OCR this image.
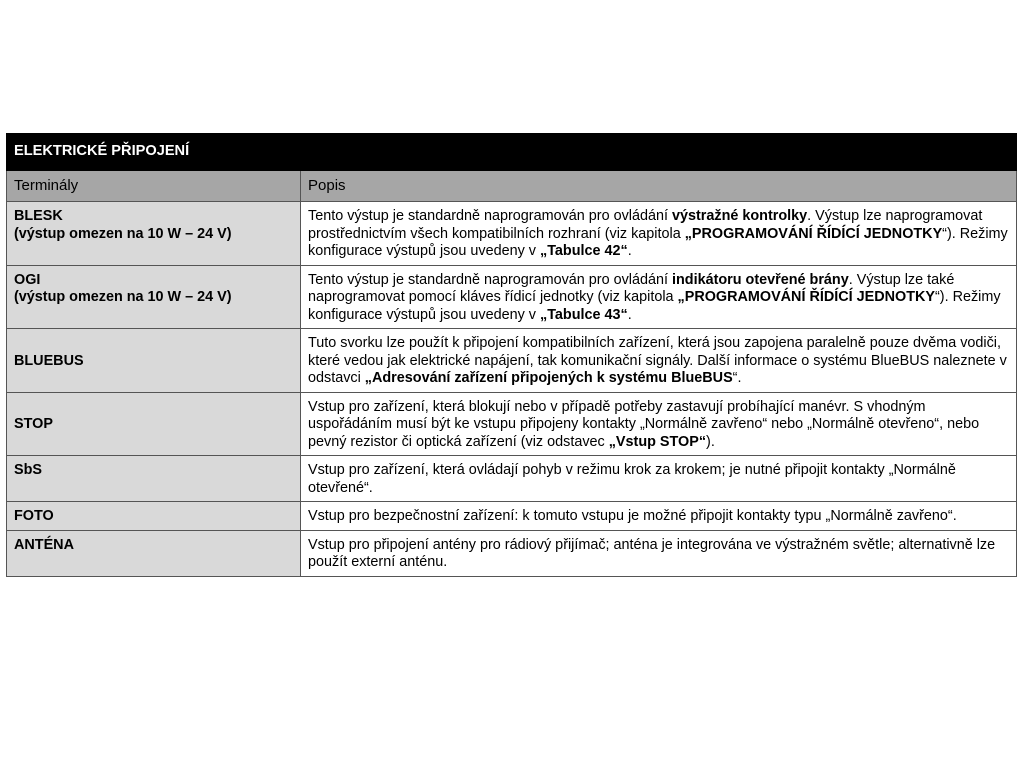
ELEKTRICKÉ PŘIPOJENÍ	
Terminály	Popis

BLESK
(výstup omezen na 10 W – 24 V)	Tento výstup je standardně naprogramován pro ovládání výstražné kontrolky. Výstup lze naprogramovat prostřednictvím všech kompatibilních rozhraní (viz kapitola „PROGRAMOVÁNÍ ŘÍDÍCÍ JEDNOTKY“). Režimy konfigurace výstupů jsou uvedeny v „Tabulce 42“.

OGI
(výstup omezen na 10 W – 24 V)	Tento výstup je standardně naprogramován pro ovládání indikátoru otevřené brány. Výstup lze také naprogramovat pomocí kláves řídicí jednotky (viz kapitola „PROGRAMOVÁNÍ ŘÍDÍCÍ JEDNOTKY“). Režimy konfigurace výstupů jsou uvedeny v „Tabulce 43“.

BLUEBUS	Tuto svorku lze použít k připojení kompatibilních zařízení, která jsou zapojena paralelně pouze dvěma vodiči, které vedou jak elektrické napájení, tak komunikační signály. Další informace o systému BlueBUS naleznete v odstavci „Adresování zařízení připojených k systému BlueBUS“.

STOP	Vstup pro zařízení, která blokují nebo v případě potřeby zastavují probíhající manévr. S vhodným uspořádáním musí být ke vstupu připojeny kontakty „Normálně zavřeno“ nebo „Normálně otevřeno“, nebo pevný rezistor či optická zařízení (viz odstavec „Vstup STOP“).

SbS	Vstup pro zařízení, která ovládají pohyb v režimu krok za krokem; je nutné připojit kontakty „Normálně otevřené“.

FOTO	Vstup pro bezpečnostní zařízení: k tomuto vstupu je možné připojit kontakty typu „Normálně zavřeno“.

ANTÉNA	Vstup pro připojení antény pro rádiový přijímač; anténa je integrována ve výstražném světle; alternativně lze použít externí anténu.
